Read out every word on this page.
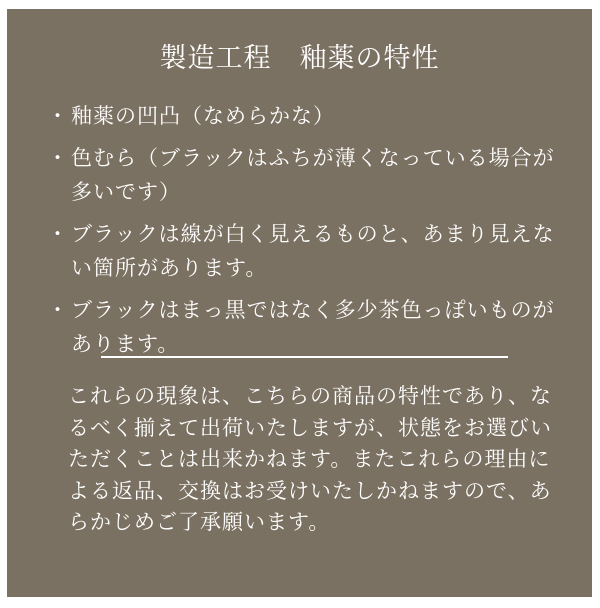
製造工程　釉薬の特性
・ 釉薬の凹凸（なめらかな）
・ 色むら（ブラックはふちが薄くなっている場合が多いです）
・ ブラックは線が白く見えるものと、あまり見えない箇所があります。
・ ブラックはまっ黒ではなく多少茶色っぽいものがあります。

これらの現象は、こちらの商品の特性であり、なるべく揃えて出荷いたしますが、状態をお選びいただくことは出来かねます。またこれらの理由による返品、交換はお受けいたしかねますので、あらかじめご了承願います。
